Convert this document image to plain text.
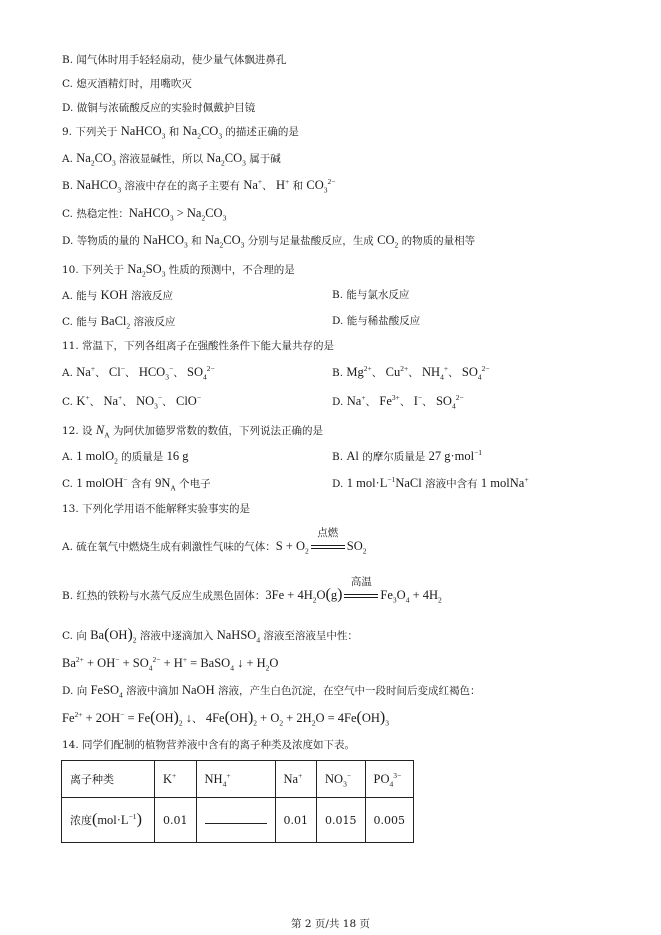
B. 闻气体时用手轻轻扇动，使少量气体飘进鼻孔
C. 熄灭酒精灯时，用嘴吹灭
D. 做铜与浓硫酸反应的实验时佩戴护目镜
9. 下列关于 NaHCO$_3$ 和 $Na_2CO_3$ 的描述正确的是
A. $Na_2CO_3$ 溶液显碱性，所以 $Na_2CO_3$ 属于碱
B. NaHCO$_3$ 溶液中存在的离子主要有 Na+、 H+ 和 $CO_3^{2-}$
C. 热稳定性：NaHCO$_3$ > $Na_2CO_3$
D. 等物质的量的 NaHCO$_3$ 和 $Na_2CO_3$ 分别与足量盐酸反应，生成 $CO_2$ 的物质的量相等
10. 下列关于 $Na_2SO_3$ 性质的预测中，不合理的是
A. 能与 KOH 溶液反应	B. 能与氯水反应
C. 能与 BaCl$_2$ 溶液反应	D. 能与稀盐酸反应
11. 常温下，下列各组离子在强酸性条件下能大量共存的是
A. Na+、 Cl−、 $HCO_3^-$、 $SO_4^{2-}$	B. $Mg^{2+}$、 $Cu^{2+}$、 $NH_4^+$、 $SO_4^{2-}$
C. K+、 Na+、 $NO_3^-$、 ClO−	D. Na+、 $Fe^{3+}$、 I−、 $SO_4^{2-}$
12. 设 $N_A$ 为阿伏加德罗常数的数值，下列说法正确的是
A. 1 molO$_2$ 的质量是 16 g	B. Al 的摩尔质量是 27 g·mol$^{-1}$
C. 1 molOH− 含有 $9N_A$ 个电子	D. 1 $mol\cdot L^{-1}NaCl$ 溶液中含有 1 molNa+
13. 下列化学用语不能解释实验事实的是
A. 硫在氧气中燃烧生成有刺激性气味的气体：$S + O_2$
点燃
$SO_2$
B. 红热的铁粉与水蒸气反应生成黑色固体：$3Fe + 4H_2O(g)$
高温
$Fe_3O_4 + 4H_2$
C. 向 $Ba(OH)_2$ 溶液中逐滴加入 NaHSO$_4$ 溶液至溶液呈中性：
$Ba^{2+} + OH^- + SO_4^{2-} + H^+$ = BaSO$_4$ ↓ + $H_2O$
D. 向 FeSO$_4$ 溶液中滴加 NaOH 溶液，产生白色沉淀，在空气中一段时间后变成红褐色：
$Fe^{2+} + 2OH^- = Fe(OH)_2$ ↓、 $4Fe(OH)_2 + O_2 + 2H_2O = 4Fe(OH)_3$
14. 同学们配制的植物营养液中含有的离子种类及浓度如下表。
离子种类	K+	$NH_4^+$	Na+	$NO_3^-$	$PO_4^{3-}$
浓度$(mol\cdot L^{-1})$	0.01		0.01	0.015	0.005
第 2 页/共 18 页
